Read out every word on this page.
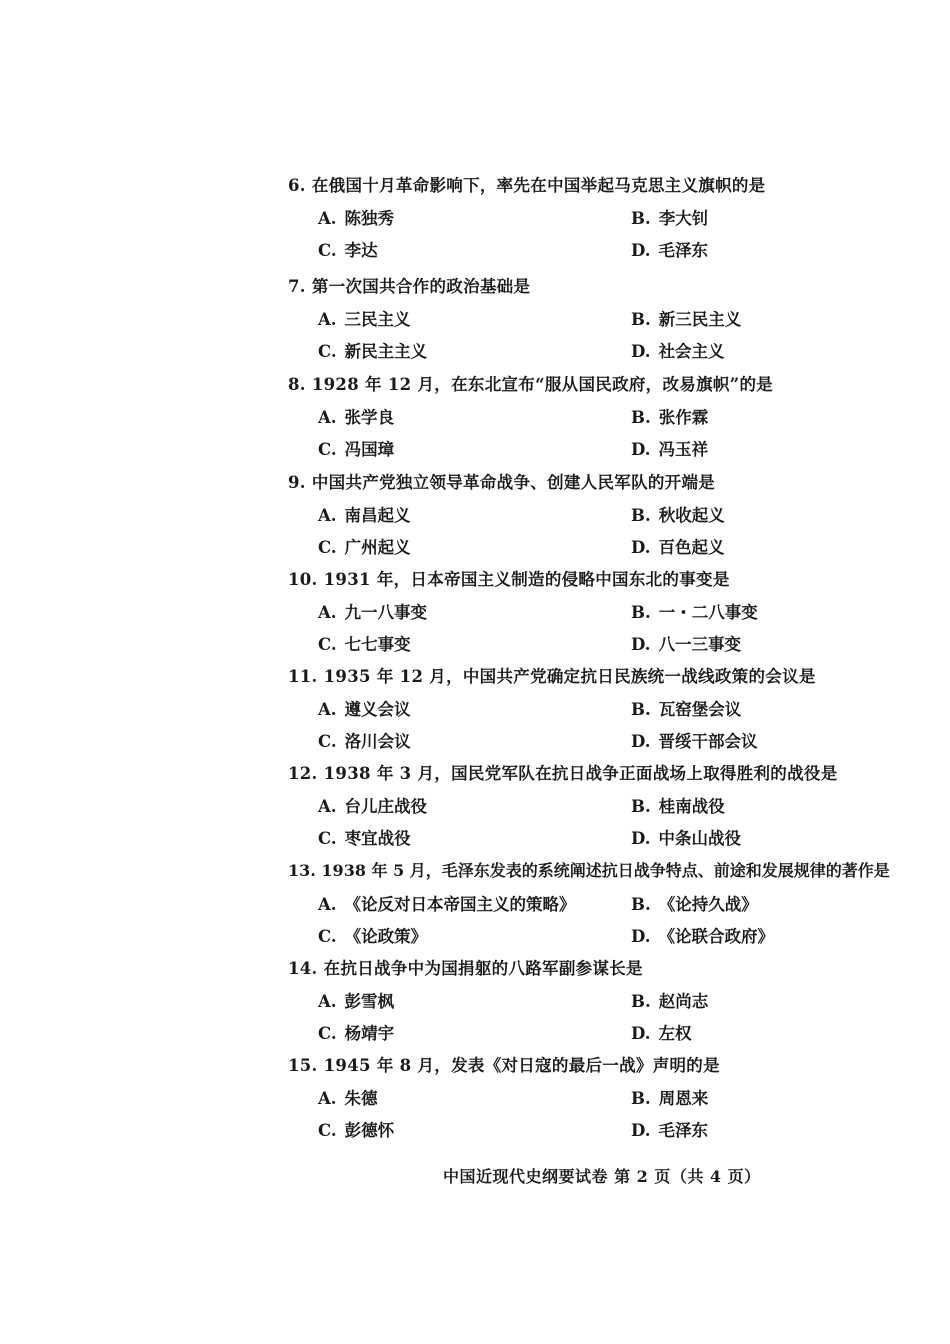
6. 在俄国十月革命影响下，率先在中国举起马克思主义旗帜的是
A. 陈独秀	B. 李大钊
C. 李达	D. 毛泽东
7. 第一次国共合作的政治基础是
A. 三民主义	B. 新三民主义
C. 新民主主义	D. 社会主义
8. 1928 年 12 月，在东北宣布“服从国民政府，改易旗帜”的是
A. 张学良	B. 张作霖
C. 冯国璋	D. 冯玉祥
9. 中国共产党独立领导革命战争、创建人民军队的开端是
A. 南昌起义	B. 秋收起义
C. 广州起义	D. 百色起义
10. 1931 年，日本帝国主义制造的侵略中国东北的事变是
A. 九一八事变	B. 一・二八事变
C. 七七事变	D. 八一三事变
11. 1935 年 12 月，中国共产党确定抗日民族统一战线政策的会议是
A. 遵义会议	B. 瓦窑堡会议
C. 洛川会议	D. 晋绥干部会议
12. 1938 年 3 月，国民党军队在抗日战争正面战场上取得胜利的战役是
A. 台儿庄战役	B. 桂南战役
C. 枣宜战役	D. 中条山战役
13. 1938 年 5 月，毛泽东发表的系统阐述抗日战争特点、前途和发展规律的著作是
A. 《论反对日本帝国主义的策略》	B. 《论持久战》
C. 《论政策》	D. 《论联合政府》
14. 在抗日战争中为国捐躯的八路军副参谋长是
A. 彭雪枫	B. 赵尚志
C. 杨靖宇	D. 左权
15. 1945 年 8 月，发表《对日寇的最后一战》声明的是
A. 朱德	B. 周恩来
C. 彭德怀	D. 毛泽东
中国近现代史纲要试卷 第 2 页（共 4 页）
